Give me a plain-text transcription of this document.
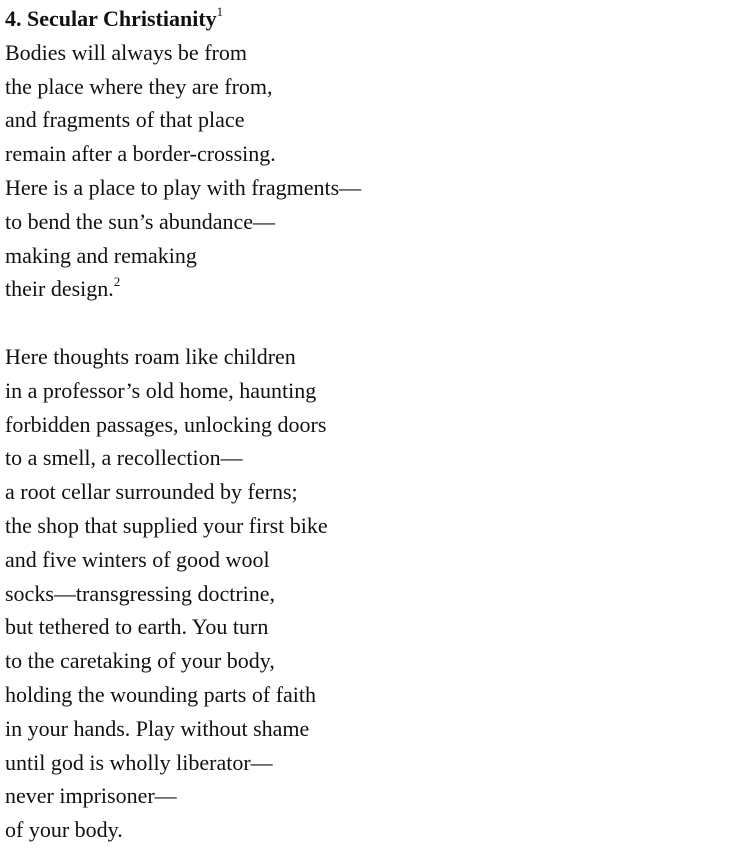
4. Secular Christianity$^1$
Bodies will always be from
the place where they are from,
and fragments of that place
remain after a border-crossing.
Here is a place to play with fragments—
to bend the sun’s abundance—
making and remaking
their design.$^2$
Here thoughts roam like children
in a professor’s old home, haunting
forbidden passages, unlocking doors
to a smell, a recollection—
a root cellar surrounded by ferns;
the shop that supplied your first bike
and five winters of good wool
socks—transgressing doctrine,
but tethered to earth. You turn
to the caretaking of your body,
holding the wounding parts of faith
in your hands. Play without shame
until god is wholly liberator—
never imprisoner—
of your body.
